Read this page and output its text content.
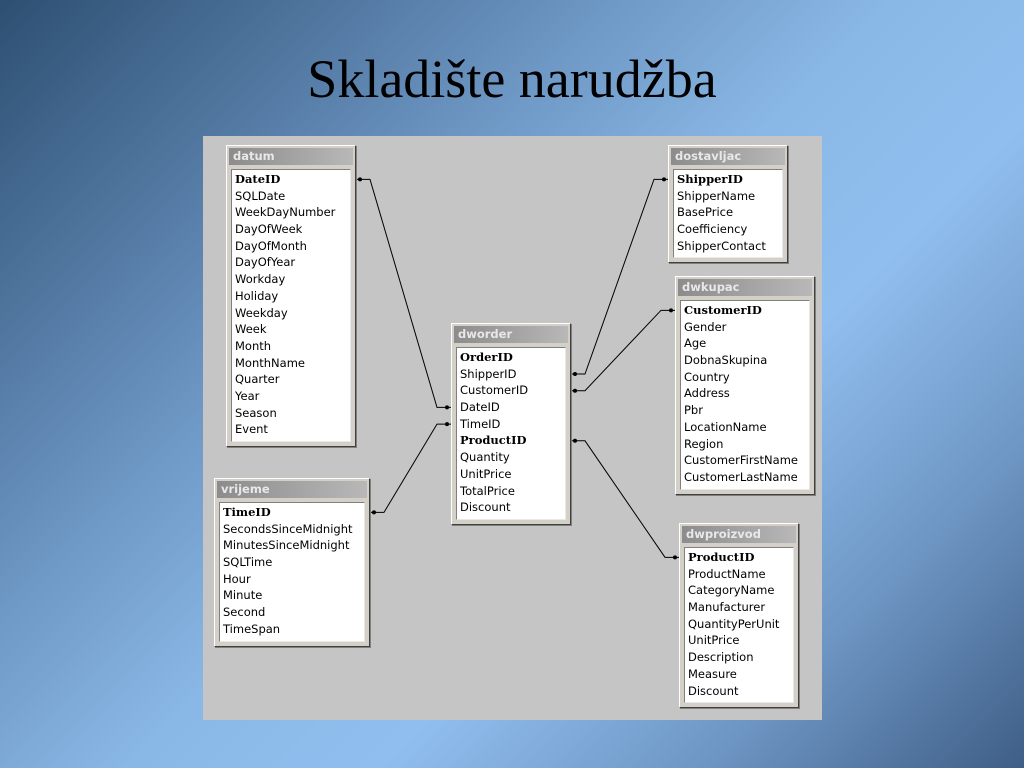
Skladište narudžba
datum
DateID
SQLDate
WeekDayNumber
DayOfWeek
DayOfMonth
DayOfYear
Workday
Holiday
Weekday
Week
Month
MonthName
Quarter
Year
Season
Event
vrijeme
TimeID
SecondsSinceMidnight
MinutesSinceMidnight
SQLTime
Hour
Minute
Second
TimeSpan
dworder
OrderID
ShipperID
CustomerID
DateID
TimeID
ProductID
Quantity
UnitPrice
TotalPrice
Discount
dostavljac
ShipperID
ShipperName
BasePrice
Coefficiency
ShipperContact
dwkupac
CustomerID
Gender
Age
DobnaSkupina
Country
Address
Pbr
LocationName
Region
CustomerFirstName
CustomerLastName
dwproizvod
ProductID
ProductName
CategoryName
Manufacturer
QuantityPerUnit
UnitPrice
Description
Measure
Discount
